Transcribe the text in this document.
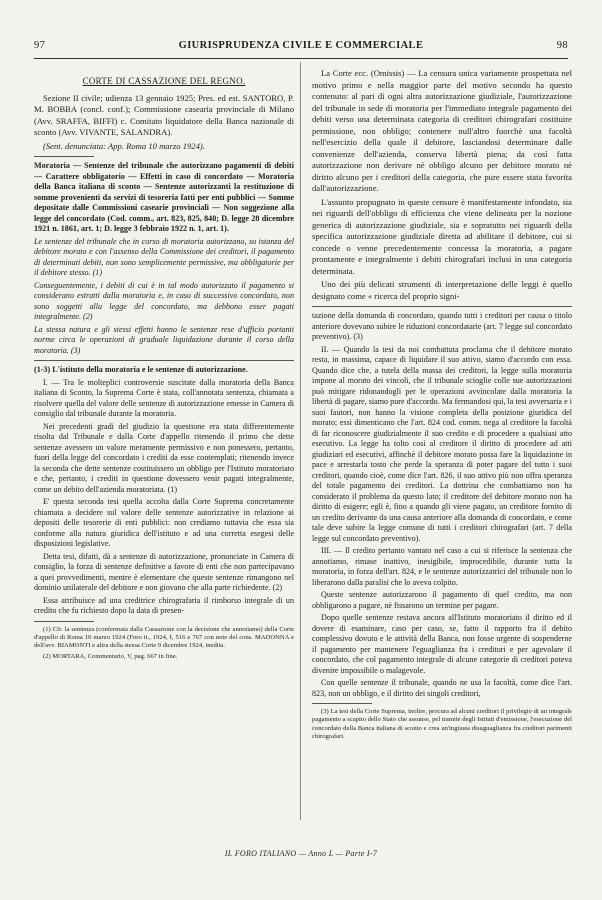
97	GIURISPRUDENZA CIVILE E COMMERCIALE	98

CORTE DI CASSAZIONE DEL REGNO.

Sezione II civile; udienza 13 gennaio 1925; Pres. ed est. SANTORO, P. M. BOBBA (concl. conf.); Commissione casearia provinciale di Milano (Avv. SRAFFA, BIFFI) c. Comitato liquidatore della Banca nazionale di sconto (Avv. VIVANTE, SALANDRA).

(Sent. denunciata: App. Roma 10 marzo 1924).

Moratoria — Sentenze del tribunale che autorizzano pagamenti di debiti — Carattere obbligatorio — Effetti in caso di concordato — Moratoria della Banca italiana di sconto — Sentenze autorizzanti la restituzione di somme provenienti da servizi di tesoreria fatti per enti pubblici — Somme depositate dalle Commissioni casearie provinciali — Non soggezione alla legge del concordato (Cod. comm., art. 823, 825, 840; D. legge 28 dicembre 1921 n. 1861, art. 1; D. legge 3 febbraio 1922 n. 1, art. 1).

Le sentenze del tribunale che in corso di moratoria autorizzano, su istanza del debitore morato e con l'assenso della Commissione dei creditori, il pagamento di determinati debiti, non sono semplicemente permissive, ma obbligatorie per il debitore stesso. (1)

Conseguentemente, i debiti di cui è in tal modo autorizzato il pagamento si considerano estratti dalla moratoria e, in caso di successivo concordato, non sono soggetti alla legge del concordato, ma debbono esser pagati integralmente. (2)

La stessa natura e gli stessi effetti hanno le sentenze rese d'ufficio portanti norme circa le operazioni di graduale liquidazione durante il corso della moratoria. (3)

(1-3) L'istituto della moratoria e le sentenze di autorizzazione.

I. — Tra le molteplici controversie suscitate dalla moratoria della Banca italiana di Sconto, la Suprema Corte è stata, coll'annotata sentenza, chiamata a risolvere quella del valore delle sentenze di autorizzazione emesse in Camera di consiglio dal tribunale durante la moratoria.

Nei precedenti gradi del giudizio la questione era stata differentemente risolta dal Tribunale e dalla Corte d'appello ritenendo il primo che dette sentenze avessero un valore meramente permissivo e non ponessero, pertanto, fuori della legge del concordato i crediti da esse contemplati; ritenendo invece la seconda che dette sentenze costituissero un obbligo per l'Istituto moratoriato e che, pertanto, i crediti in questione dovessero venir pagati integralmente, come un debito dell'azienda moratoriata. (1)

E' questa seconda tesi quella accolta dalla Corte Suprema concretamente chiamata a decidere sul valore delle sentenze autorizzative in relazione ai depositi delle tesorerie di enti pubblici: non crediamo tuttavia che essa sia conforme alla natura giuridica dell'istituto e ad una corretta esegesi delle disposizioni legislative.

Detta tesi, difatti, dà a sentenze di autorizzazione, pronunciate in Camera di consiglio, la forza di sentenze definitive a favore di enti che non partecipavano a quei provvedimenti, mentre è elementare che queste sentenze rimangono nel dominio unilaterale del debitore e non giovano che alla parte richiedente. (2)

Essa attribuisce ad una creditrice chirografaria il rimborso integrale di un credito che fu richiesto dopo la data di presen-

(1) Cfr. la sentenza (confermata dalla Cassazione con la decisione che annotiamo) della Corte d'appello di Roma 10 marzo 1924 (Foro it., 1924, I, 516 e 767 con note del cons. MADONNA e dell'avv. BIAMONTI e altra della stessa Corte 9 dicembre 1924, inedita.

(2) MORTARA, Commentario, V, pag. 667 in fine.

La Corte ecc. (Omissis) — La censura unica variamente prospettata nel motivo primo e nella maggior parte del motivo secondo ha questo contenuto: al pari di ogni altra autorizzazione giudiziale, l'autorizzazione del tribunale in sede di moratoria per l'immediato integrale pagamento dei debiti verso una determinata categoria di creditori chirografari costituire permissione, non obbligo; contenere null'altro fuorchè una facoltà nell'esercizio della quale il debitore, lasciandosi determinare dalle convenienze dell'azienda, conserva libertà piena; da così fatta autorizzazione non derivare nè obbligo alcuno per debitore morato nè diritto alcuno per i creditori della categoria, che pure essere stata favorita dall'autorizzazione.

L'assunto propugnato in queste censure è manifestamente infondato, sia nei riguardi dell'obbligo di efficienza che viene delineata per la nozione generica di autorizzazione giudiziale, sia e sopratutto nei riguardi della specifica autorizzazione giudiziale diretta ad abilitare il debitore, cui si concede o venne precedentemente concessa la moratoria, a pagare prontamente e integralmente i debiti chirografari inclusi in una categoria determinata.

Uno dei più delicati strumenti di interpretazione delle leggi è quello designato come « ricerca del proprio signi-

tazione della domanda di concordato, quando tutti i creditori per causa o titolo anteriore dovevano subire le riduzioni concordatarie (art. 7 legge sul concordato preventivo). (3)

II. — Quando la tesi da noi combattuta proclama che il debitore morato resta, in massima, capace di liquidare il suo attivo, siamo d'accordo con essa. Quando dice che, a tutela della massa dei creditori, la legge sulla moratoria impone al morato dei vincoli, che il tribunale scioglie colle sue autorizzazioni può mitigare ridonandogli per le operazioni avvincolate dalla moratoria la libertà di pagare, siamo pure d'accordo. Ma fermandosi qui, la tesi avversaria e i suoi fautori, non hanno la visione completa della posizione giuridica del morato; essi dimenticano che l'art. 824 cod. comm. nega al creditore la facoltà di far riconoscere giudizialmente il suo credito e di procedere a qualsiasi atto esecutivo. La legge ha tolto così al creditore il diritto di procedere ad atti giudiziari ed esecutivi, affinchè il debitore morato possa fare la liquidazione in pace e arrestarla tosto che perde la speranza di poter pagare del tutto i suoi creditori, quando cioè, come dice l'art. 826, il suo attivo più non offra speranza del totale pagamento dei creditori. La dottrina che combattiamo non ha considerato il problema da questo lato; il creditore del debitore morato non ha diritto di esigere; egli è, fino a quando gli viene pagato, un creditore fornito di un credito derivante da una causa anteriore alla domanda di concordato, e come tale deve subire la legge comune di tutti i creditori chirografari (art. 7 della legge sul concordato preventivo).

III. — Il credito pertanto vantato nel caso a cui si riferisce la sentenza che annotiamo, rimase inattivo, inesigibile, improcedibile, durante tutta la moratoria, in forza dell'art. 824, e le sentenze autorizzatrici del tribunale non lo liberarono dalla paralisi che lo aveva colpito.

Queste sentenze autorizzarono il pagamento di quel credito, ma non obbligarono a pagare, nè fissarono un termine per pagare.

Dopo quelle sentenze restava ancora all'Istituto moratoriato il diritto ed il dovere di esaminare, caso per caso, se, fatto il rapporto fra il debito complessivo dovuto e le attività della Banca, non fosse urgente di sospenderne il pagamento per mantenere l'eguaglianza fra i creditori e per agevolare il concordato, che col pagamento integrale di alcune categorie di creditori poteva divenire impossibile o malagevole.

Con quelle sentenze il tribunale, quando ne usa la facoltà, come dice l'art. 823, non un obbligo, e il diritto dei singoli creditori,

(3) La tesi della Corte Suprema, inoltre, procura ad alcuni creditori il privilegio di un integrale pagamento a scapito dello Stato che assunse, pel tramite degli Istituti d'emissione, l'esecuzione del concordato della Banca italiana di sconto e crea un'ingiusta disuguaglianza fra creditori parimenti chirografari.

IL FORO ITALIANO — Anno L — Parte I-7
